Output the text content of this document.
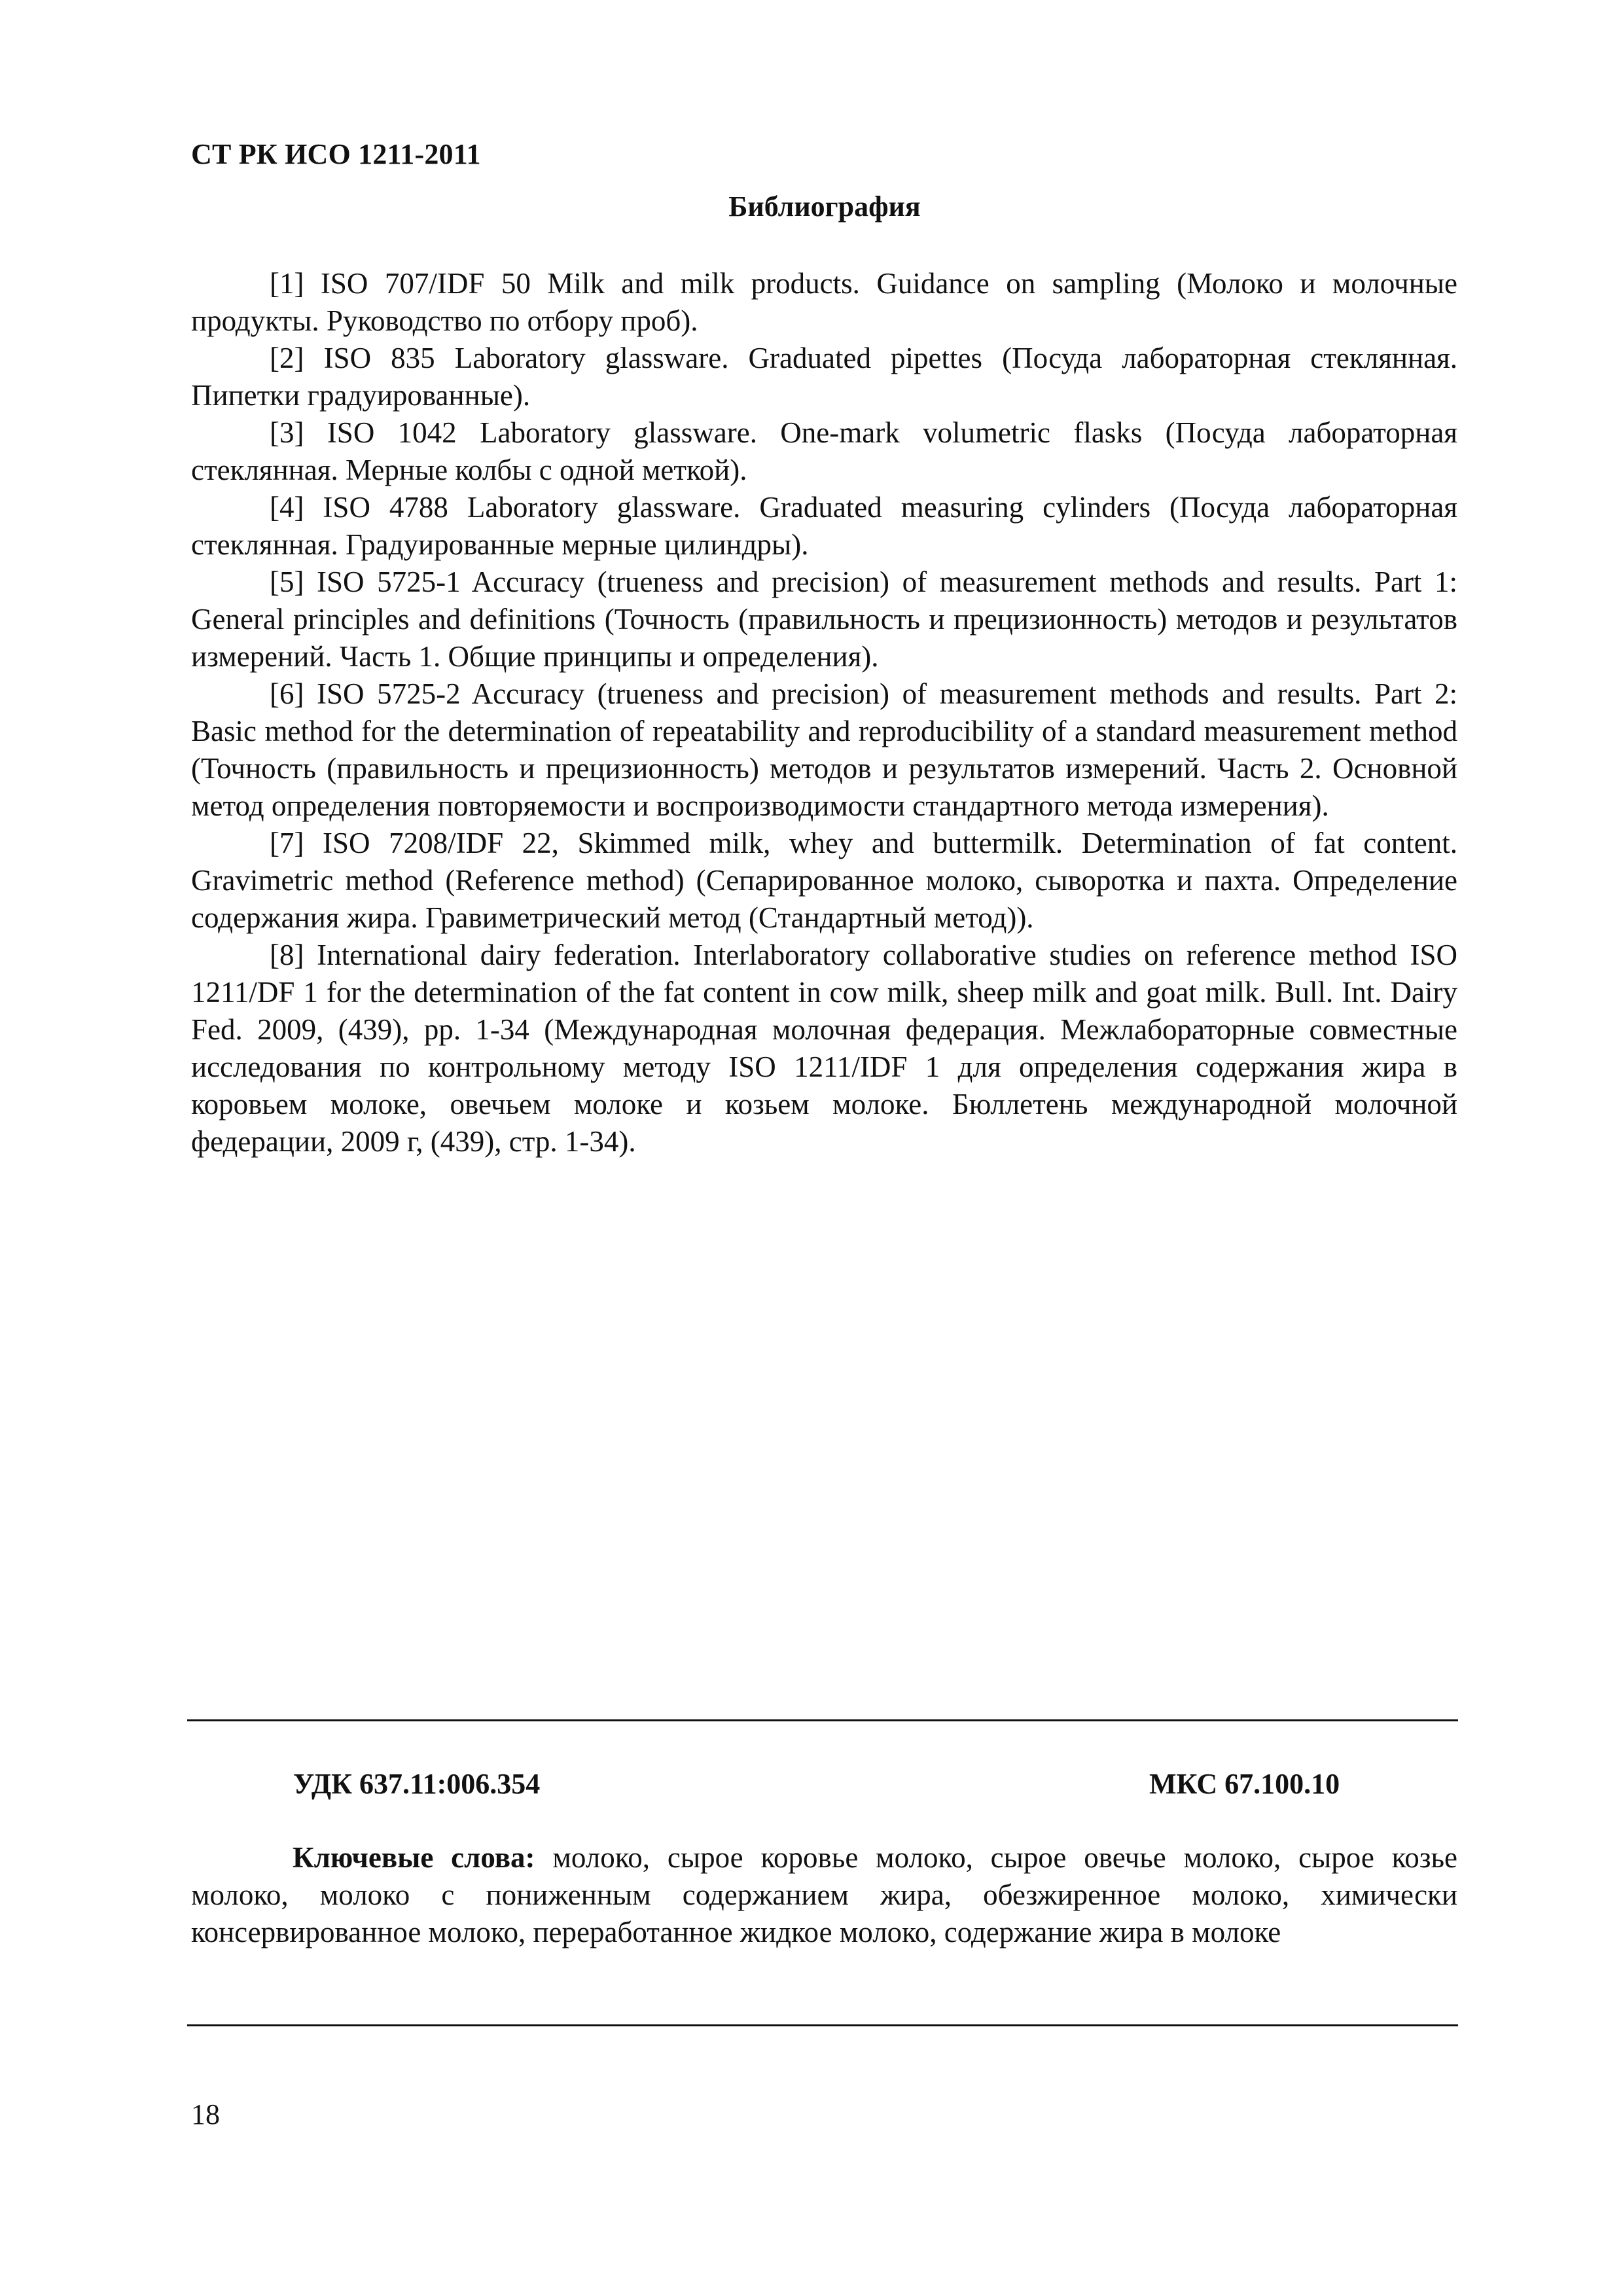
СТ РК ИСО 1211-2011
Библиография

[1] ISO 707/IDF 50 Milk and milk products. Guidance on sampling (Молоко и молочные продукты. Руководство по отбору проб).

[2] ISO 835 Laboratory glassware. Graduated pipettes (Посуда лабораторная стеклянная. Пипетки градуированные).

[3] ISO 1042 Laboratory glassware. One-mark volumetric flasks (Посуда лабораторная стеклянная. Мерные колбы с одной меткой).

[4] ISO 4788 Laboratory glassware. Graduated measuring cylinders (Посуда лабораторная стеклянная. Градуированные мерные цилиндры).

[5] ISO 5725-1 Accuracy (trueness and precision) of measurement methods and results. Part 1: General principles and definitions (Точность (правильность и прецизионность) методов и результатов измерений. Часть 1. Общие принципы и определения).

[6] ISO 5725-2 Accuracy (trueness and precision) of measurement methods and results. Part 2: Basic method for the determination of repeatability and reproducibility of a standard measurement method (Точность (правильность и прецизионность) методов и результатов измерений. Часть 2. Основной метод определения повторяемости и воспроизводимости стандартного метода измерения).

[7] ISO 7208/IDF 22, Skimmed milk, whey and buttermilk. Determination of fat content. Gravimetric method (Reference method) (Сепарированное молоко, сыворотка и пахта. Определение содержания жира. Гравиметрический метод (Стандартный метод)).

[8] International dairy federation. Interlaboratory collaborative studies on reference method ISO 1211/DF 1 for the determination of the fat content in cow milk, sheep milk and goat milk. Bull. Int. Dairy Fed. 2009, (439), pp. 1-34 (Международная молочная федерация. Межлабораторные совместные исследования по контрольному методу ISO 1211/IDF 1 для определения содержания жира в коровьем молоке, овечьем молоке и козьем молоке. Бюллетень международной молочной федерации, 2009 г, (439), стр. 1-34).

УДК 637.11:006.354	МКС 67.100.10

Ключевые слова: молоко, сырое коровье молоко, сырое овечье молоко, сырое козье молоко, молоко с пониженным содержанием жира, обезжиренное молоко, химически консервированное молоко, переработанное жидкое молоко, содержание жира в молоке

18
